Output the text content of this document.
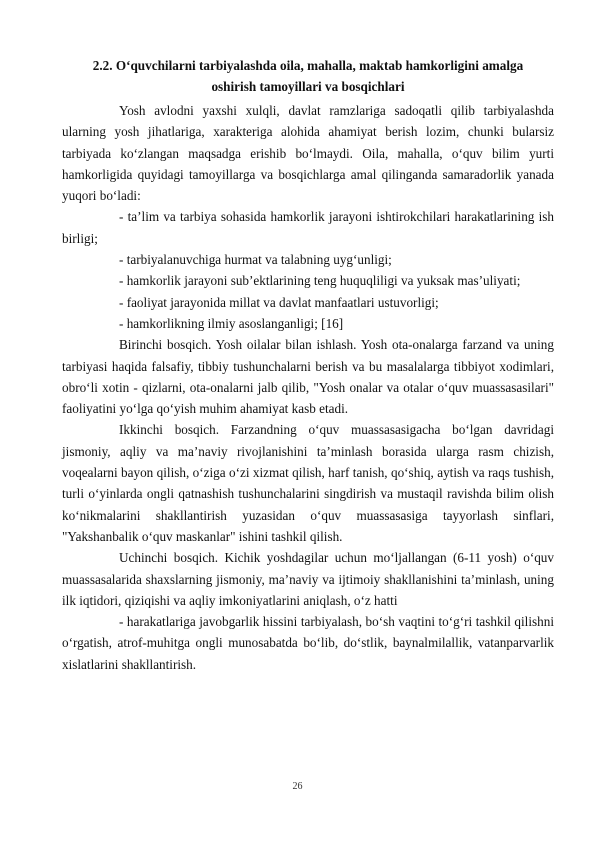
2.2. O‘quvchilarni tarbiyalashda oila, mahalla, maktab hamkorligini amalga
oshirish tamoyillari va bosqichlari

Yosh avlodni yaxshi xulqli, davlat ramzlariga sadoqatli qilib tarbiyalashda ularning yosh jihatlariga, xarakteriga alohida ahamiyat berish lozim, chunki bularsiz tarbiyada ko‘zlangan maqsadga erishib bo‘lmaydi. Oila, mahalla, o‘quv bilim yurti hamkorligida quyidagi tamoyillarga va bosqichlarga amal qilinganda samaradorlik yanada yuqori bo‘ladi:

- ta’lim va tarbiya sohasida hamkorlik jarayoni ishtirokchilari harakatlarining ish birligi;

- tarbiyalanuvchiga hurmat va talabning uyg‘unligi;

- hamkorlik jarayoni sub’ektlarining teng huquqliligi va yuksak mas’uliyati;

- faoliyat jarayonida millat va davlat manfaatlari ustuvorligi;

- hamkorlikning ilmiy asoslanganligi; [16]

Birinchi bosqich. Yosh oilalar bilan ishlash. Yosh ota-onalarga farzand va uning tarbiyasi haqida falsafiy, tibbiy tushunchalarni berish va bu masalalarga tibbiyot xodimlari, obro‘li xotin - qizlarni, ota-onalarni jalb qilib, "Yosh onalar va otalar o‘quv muassasasilari" faoliyatini yo‘lga qo‘yish muhim ahamiyat kasb etadi.

Ikkinchi bosqich. Farzandning o‘quv muassasasigacha bo‘lgan davridagi jismoniy, aqliy va ma’naviy rivojlanishini ta’minlash borasida ularga rasm chizish, voqealarni bayon qilish, o‘ziga o‘zi xizmat qilish, harf tanish, qo‘shiq, aytish va raqs tushish, turli o‘yinlarda ongli qatnashish tushunchalarini singdirish va mustaqil ravishda bilim olish ko‘nikmalarini shakllantirish yuzasidan o‘quv muassasasiga tayyorlash sinflari, "Yakshanbalik o‘quv maskanlar" ishini tashkil qilish.

Uchinchi bosqich. Kichik yoshdagilar uchun mo‘ljallangan (6-11 yosh) o‘quv muassasalarida shaxslarning jismoniy, ma’naviy va ijtimoiy shakllanishini ta’minlash, uning ilk iqtidori, qiziqishi va aqliy imkoniyatlarini aniqlash, o‘z hatti

- harakatlariga javobgarlik hissini tarbiyalash, bo‘sh vaqtini to‘g‘ri tashkil qilishni o‘rgatish, atrof-muhitga ongli munosabatda bo‘lib, do‘stlik, baynalmilallik, vatanparvarlik xislatlarini shakllantirish.

26
